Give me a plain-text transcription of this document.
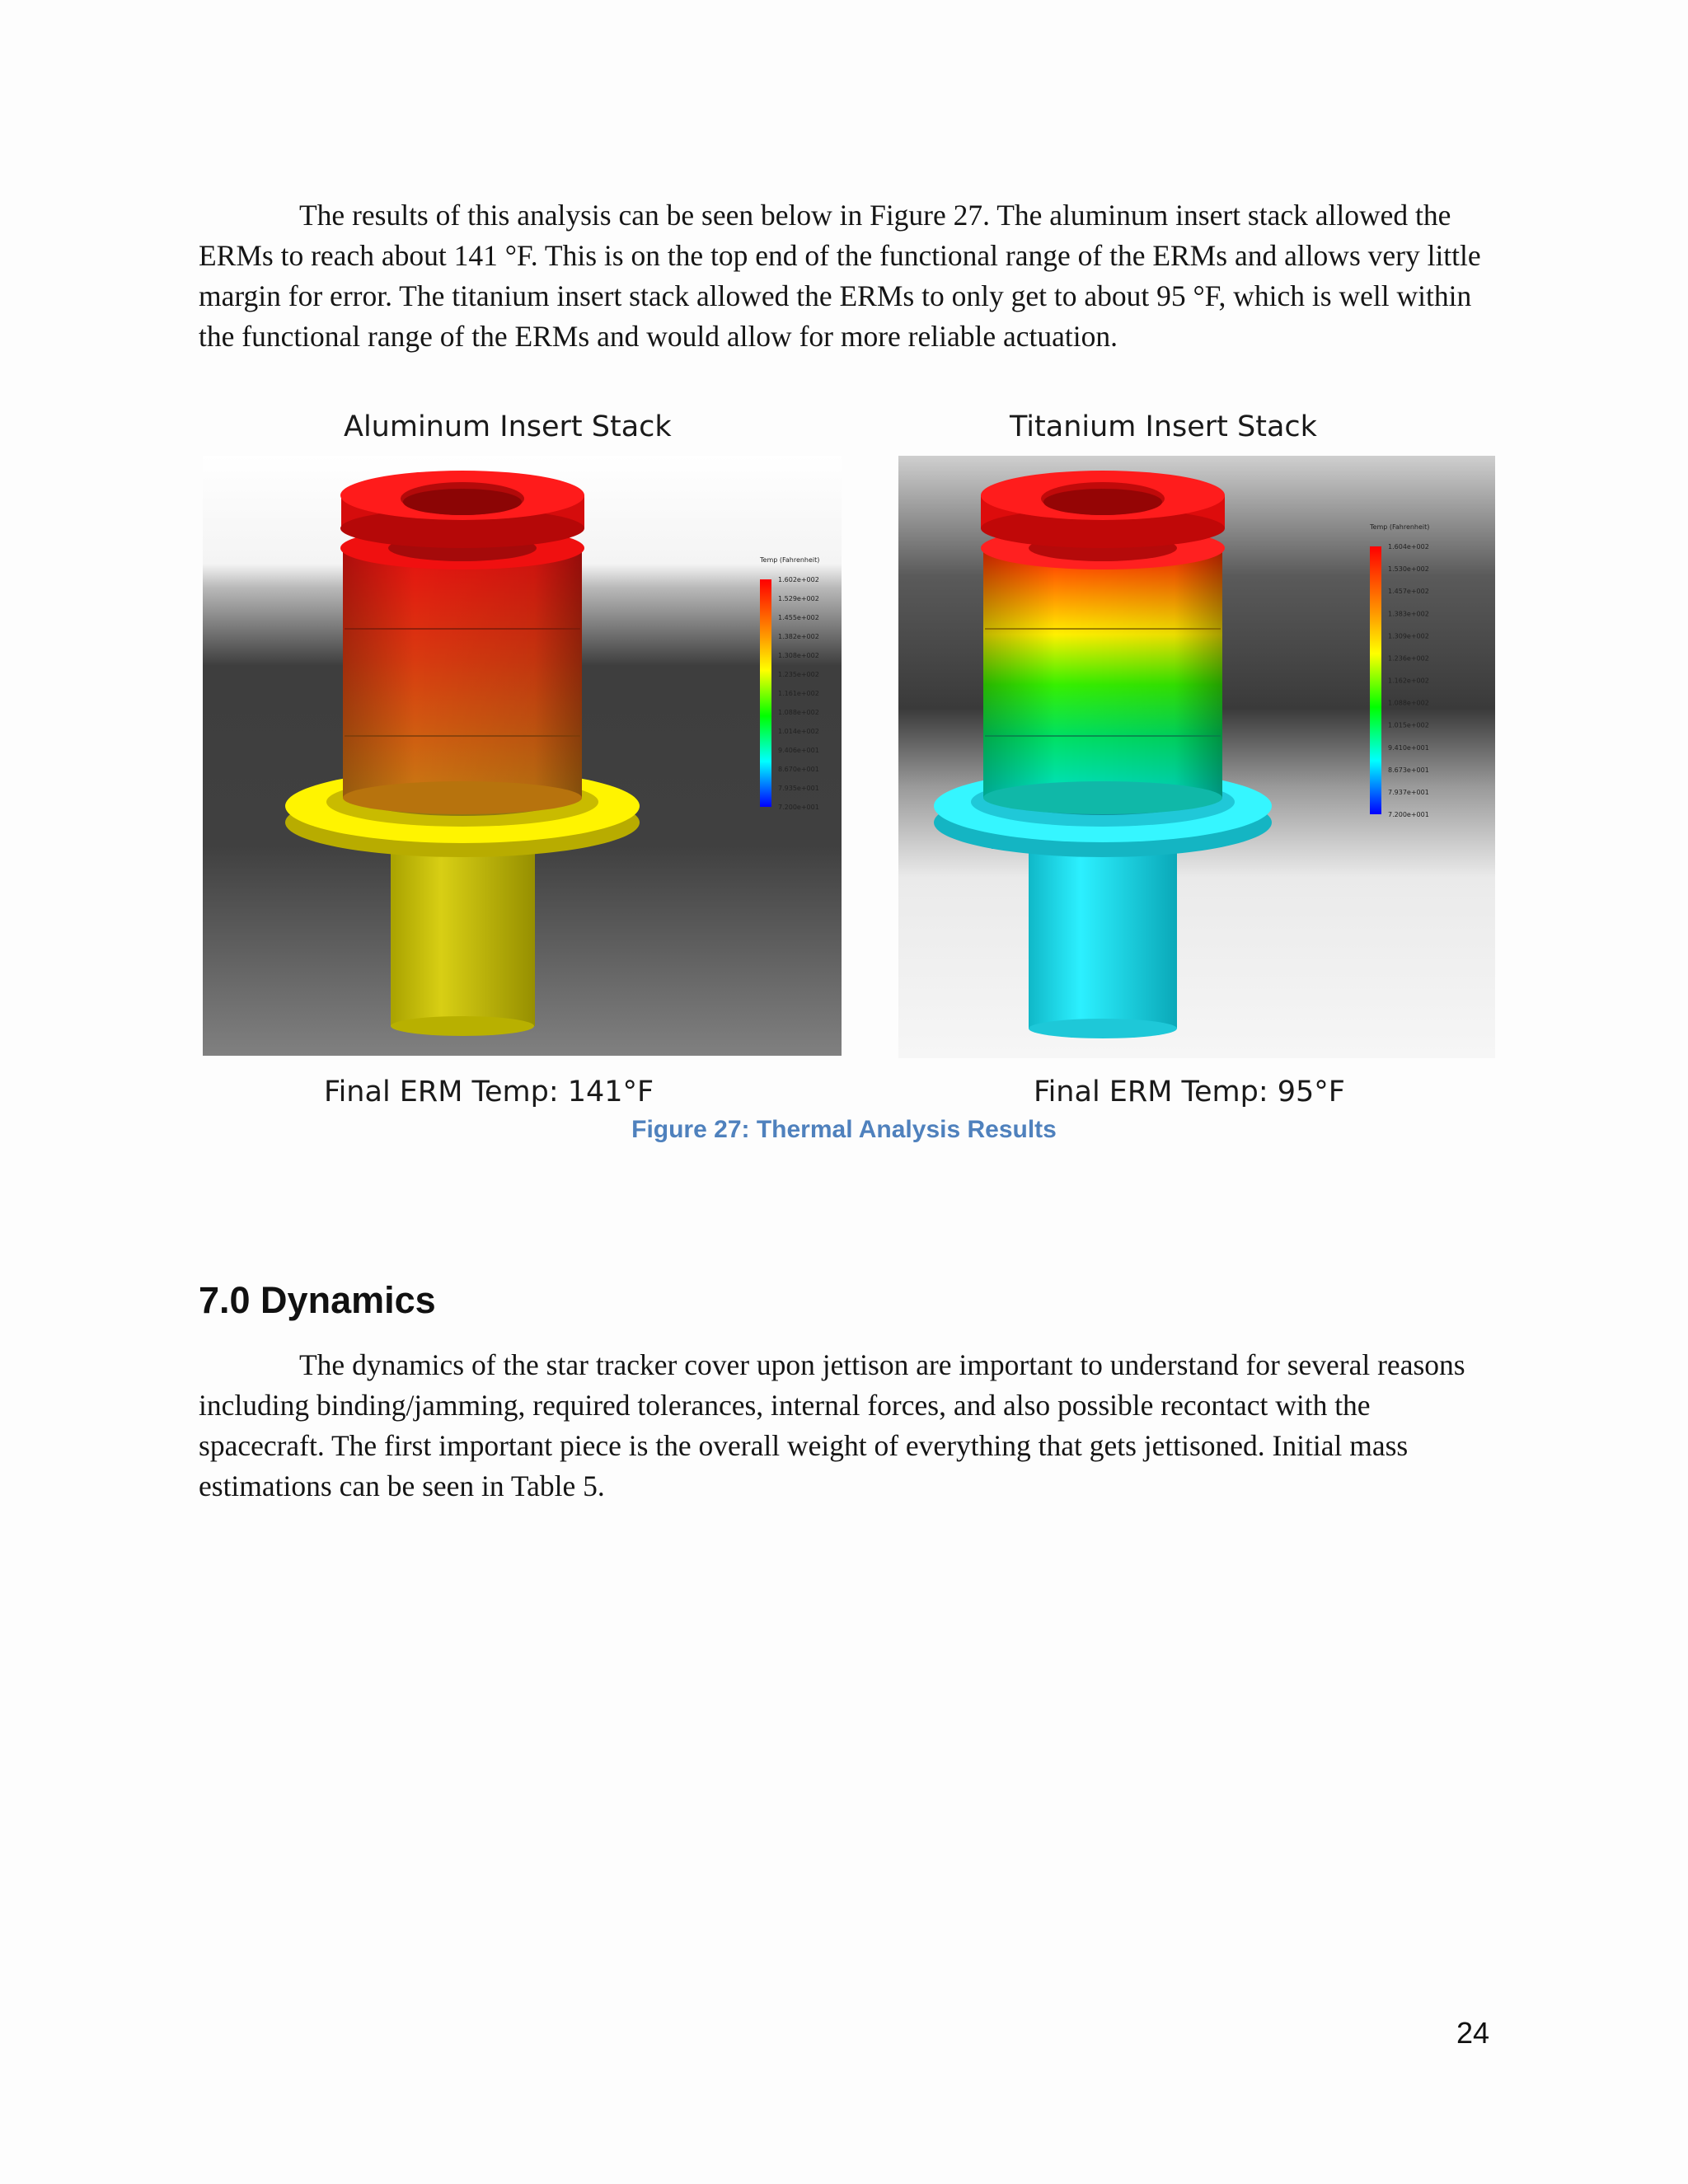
The results of this analysis can be seen below in Figure 27. The aluminum insert stack allowed the ERMs to reach about 141 °F. This is on the top end of the functional range of the ERMs and allows very little margin for error. The titanium insert stack allowed the ERMs to only get to about 95 °F, which is well within the functional range of the ERMs and would allow for more reliable actuation.

Aluminum Insert Stack	Titanium Insert Stack
Temp (Fahrenheit)
1.602e+002
1.529e+002
1.455e+002
1.382e+002
1.308e+002
1.235e+002
1.161e+002
1.088e+002
1.014e+002
9.406e+001
8.670e+001
7.935e+001
7.200e+001
Temp (Fahrenheit)
1.604e+002
1.530e+002
1.457e+002
1.383e+002
1.309e+002
1.236e+002
1.162e+002
1.088e+002
1.015e+002
9.410e+001
8.673e+001
7.937e+001
7.200e+001
Final ERM Temp: 141°F	Final ERM Temp: 95°F
Figure 27: Thermal Analysis Results
7.0 Dynamics

The dynamics of the star tracker cover upon jettison are important to understand for several reasons including binding/jamming, required tolerances, internal forces, and also possible recontact with the spacecraft. The first important piece is the overall weight of everything that gets jettisoned. Initial mass estimations can be seen in Table 5.

24
